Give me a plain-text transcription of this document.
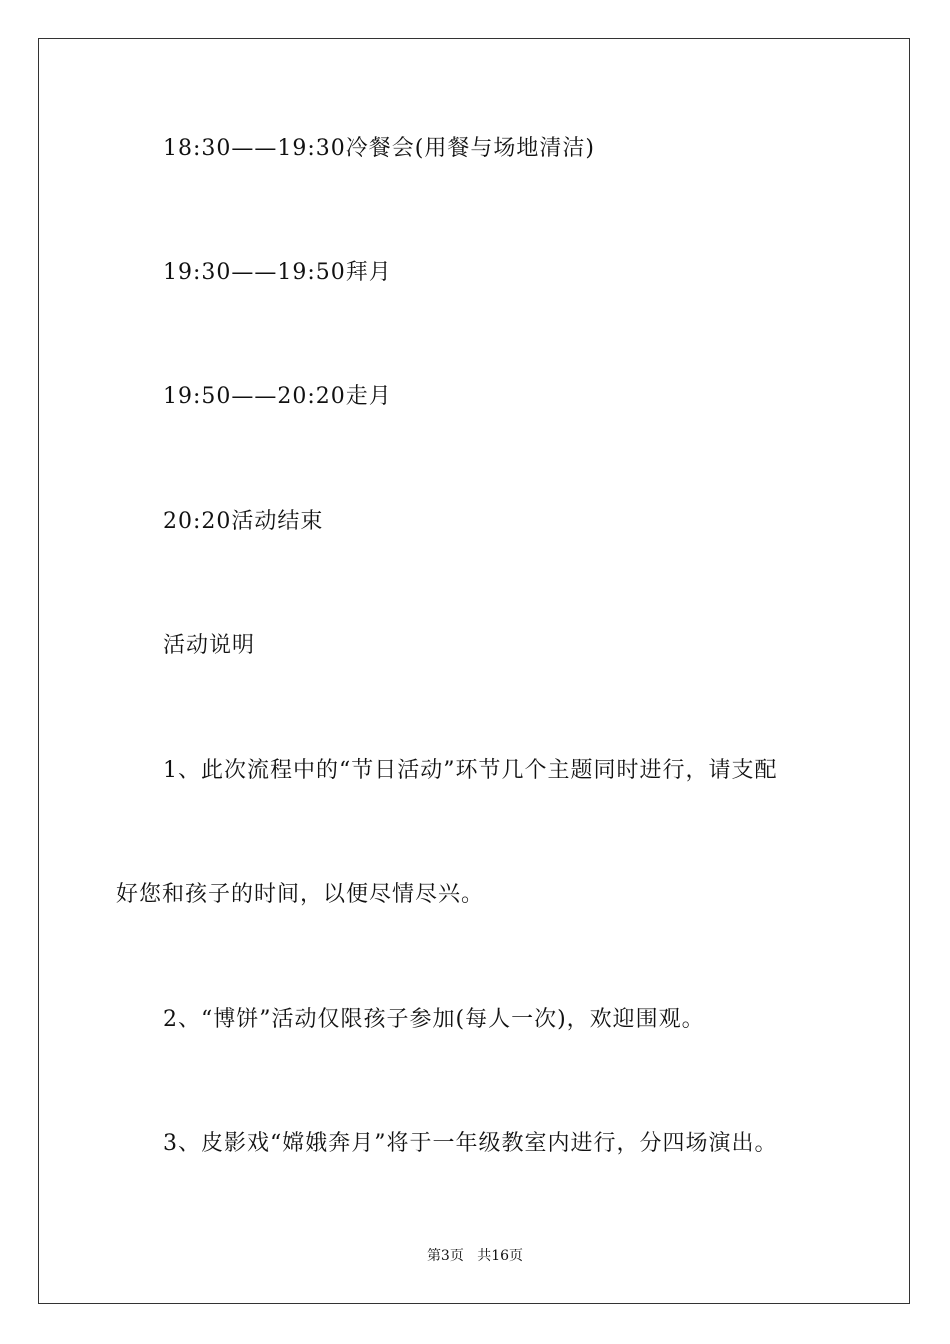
18:30——19:30冷餐会(用餐与场地清洁)
19:30——19:50拜月
19:50——20:20走月
20:20活动结束
活动说明
1、此次流程中的“节日活动”环节几个主题同时进行，请支配
好您和孩子的时间，以便尽情尽兴。
2、“博饼”活动仅限孩子参加(每人一次)，欢迎围观。
3、皮影戏“嫦娥奔月”将于一年级教室内进行，分四场演出。
第3页 共16页
